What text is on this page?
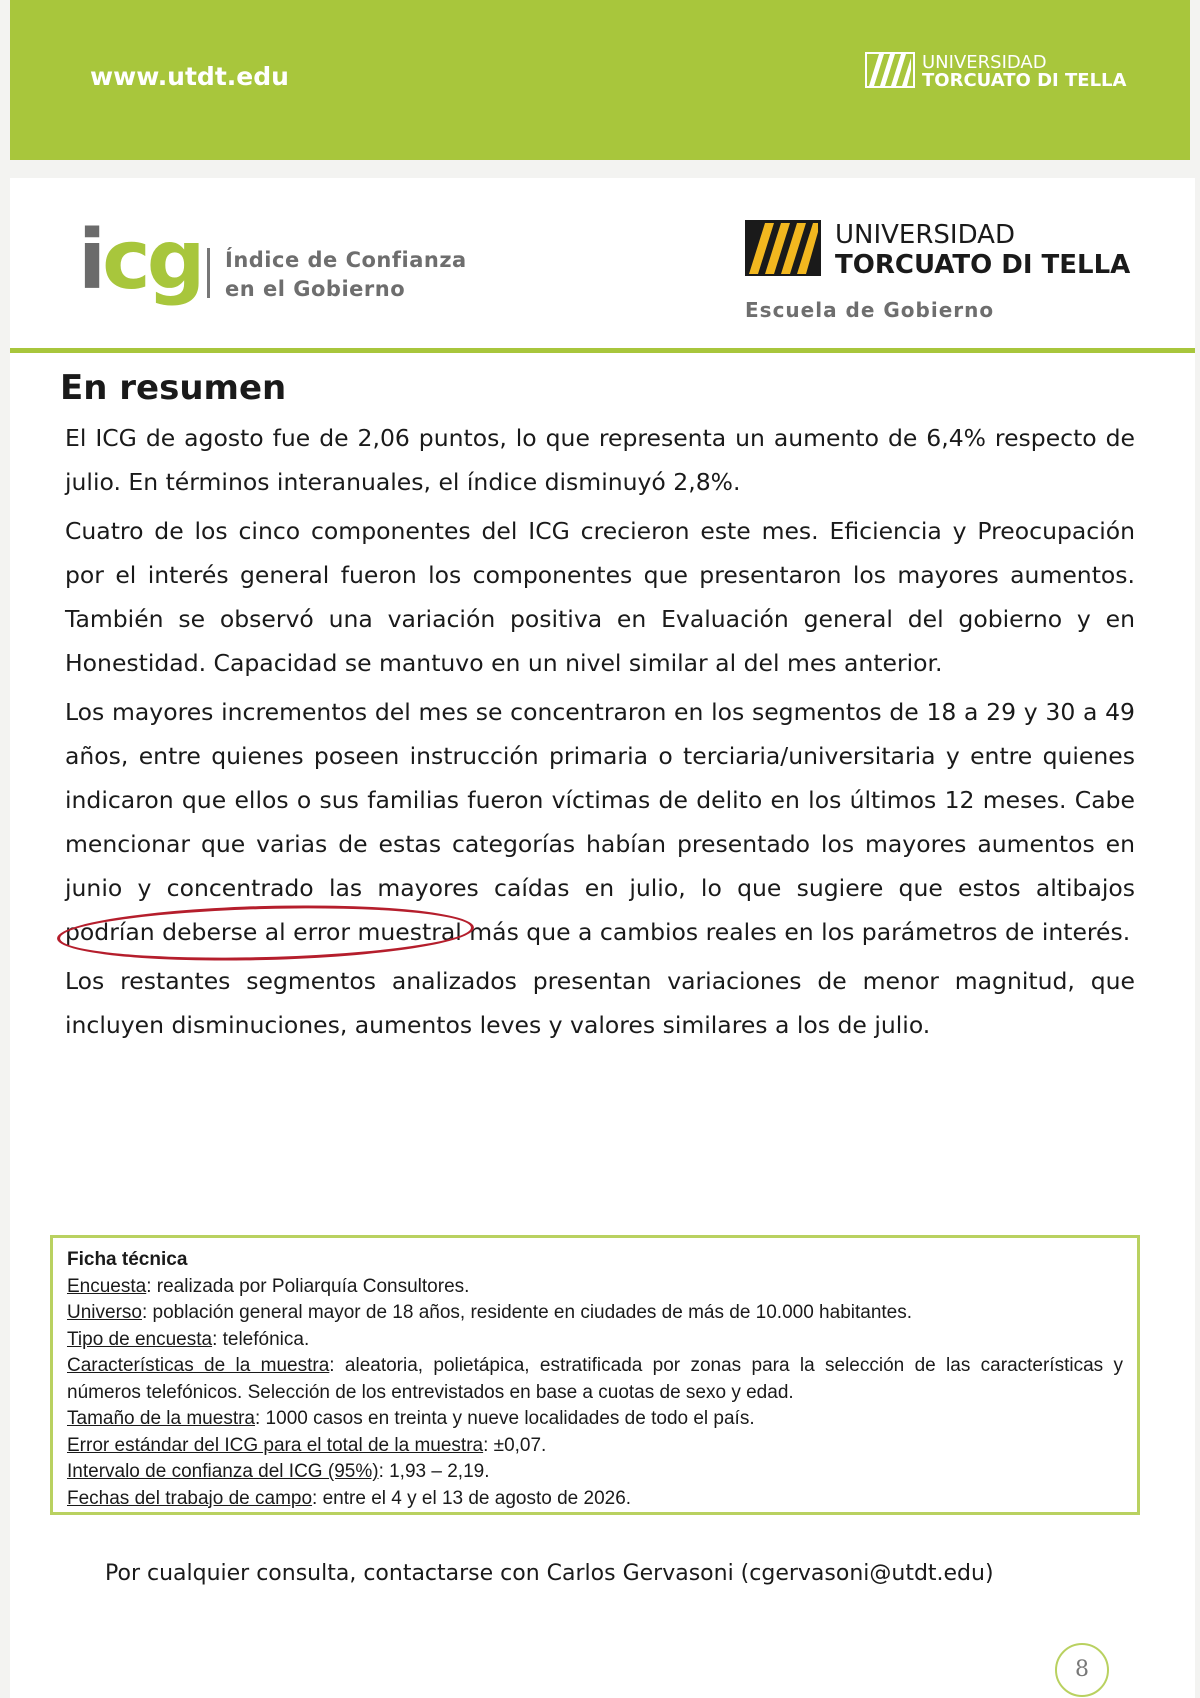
www.utdt.edu	UNIVERSIDAD
TORCUATO DI TELLA
icg Índice de Confianza
en el Gobierno
UNIVERSIDAD
TORCUATO DI TELLA
Escuela de Gobierno
En resumen

El ICG de agosto fue de 2,06 puntos, lo que representa un aumento de 6,4% respecto de julio. En términos interanuales, el índice disminuyó 2,8%.

Cuatro de los cinco componentes del ICG crecieron este mes. Eficiencia y Preocupación por el interés general fueron los componentes que presentaron los mayores aumentos. También se observó una variación positiva en Evaluación general del gobierno y en Honestidad. Capacidad se mantuvo en un nivel similar al del mes anterior.

Los mayores incrementos del mes se concentraron en los segmentos de 18 a 29 y 30 a 49 años, entre quienes poseen instrucción primaria o terciaria/universitaria y entre quienes indicaron que ellos o sus familias fueron víctimas de delito en los últimos 12 meses. Cabe mencionar que varias de estas categorías habían presentado los mayores aumentos en junio y concentrado las mayores caídas en julio, lo que sugiere que estos altibajos podrían deberse al error muestral más que a cambios reales en los parámetros de interés.

Los restantes segmentos analizados presentan variaciones de menor magnitud, que incluyen disminuciones, aumentos leves y valores similares a los de julio.

Ficha técnica
Encuesta: realizada por Poliarquía Consultores.
Universo: población general mayor de 18 años, residente en ciudades de más de 10.000 habitantes.
Tipo de encuesta: telefónica.
Características de la muestra: aleatoria, polietápica, estratificada por zonas para la selección de las características y números telefónicos. Selección de los entrevistados en base a cuotas de sexo y edad.
Tamaño de la muestra: 1000 casos en treinta y nueve localidades de todo el país.
Error estándar del ICG para el total de la muestra: ±0,07.
Intervalo de confianza del ICG (95%): 1,93 – 2,19.
Fechas del trabajo de campo: entre el 4 y el 13 de agosto de 2026.
Por cualquier consulta, contactarse con Carlos Gervasoni (cgervasoni@utdt.edu)
8
